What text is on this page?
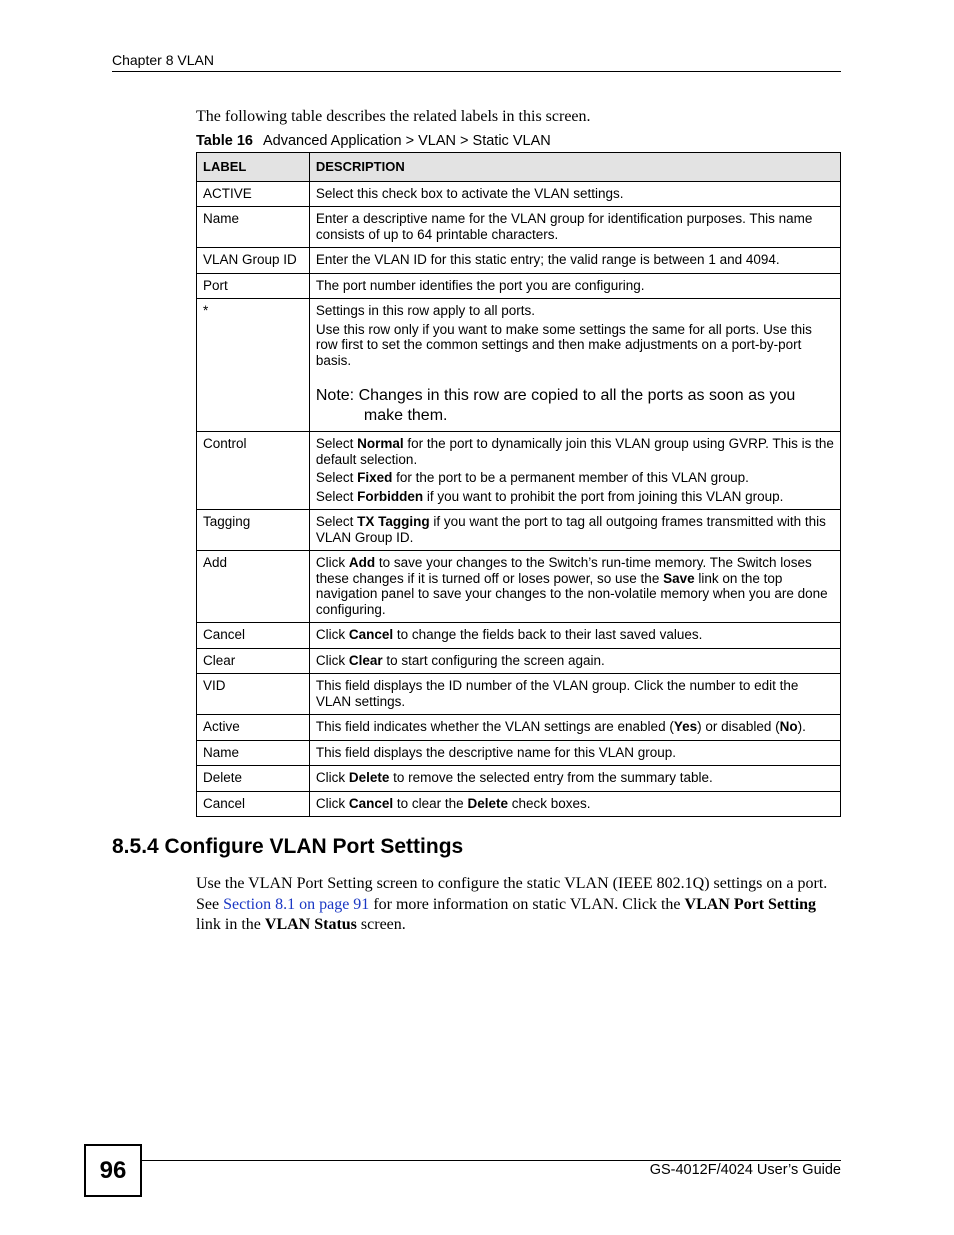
Chapter 8 VLAN
The following table describes the related labels in this screen.
Table 16 Advanced Application > VLAN > Static VLAN
LABEL	DESCRIPTION
ACTIVE	Select this check box to activate the VLAN settings.

Name	Enter a descriptive name for the VLAN group for identification purposes. This name consists of up to 64 printable characters.

VLAN Group ID	Enter the VLAN ID for this static entry; the valid range is between 1 and 4094.

Port	The port number identifies the port you are configuring.

*	Settings in this row apply to all ports.

Use this row only if you want to make some settings the same for all ports. Use this row first to set the common settings and then make adjustments on a port-by-port basis.

Note: Changes in this row are copied to all the ports as soon as you make them.

Control	Select Normal for the port to dynamically join this VLAN group using GVRP. This is the default selection.

Select Fixed for the port to be a permanent member of this VLAN group.

Select Forbidden if you want to prohibit the port from joining this VLAN group.

Tagging	Select TX Tagging if you want the port to tag all outgoing frames transmitted with this VLAN Group ID.

Add	Click Add to save your changes to the Switch’s run-time memory. The Switch loses these changes if it is turned off or loses power, so use the Save link on the top navigation panel to save your changes to the non-volatile memory when you are done configuring.

Cancel	Click Cancel to change the fields back to their last saved values.

Clear	Click Clear to start configuring the screen again.

VID	This field displays the ID number of the VLAN group. Click the number to edit the VLAN settings.

Active	This field indicates whether the VLAN settings are enabled (Yes) or disabled (No).

Name	This field displays the descriptive name for this VLAN group.

Delete	Click Delete to remove the selected entry from the summary table.

Cancel	Click Cancel to clear the Delete check boxes.

8.5.4 Configure VLAN Port Settings
Use the VLAN Port Setting screen to configure the static VLAN (IEEE 802.1Q) settings on a port. See Section 8.1 on page 91 for more information on static VLAN. Click the VLAN Port Setting link in the VLAN Status screen.
96	GS-4012F/4024 User’s Guide
